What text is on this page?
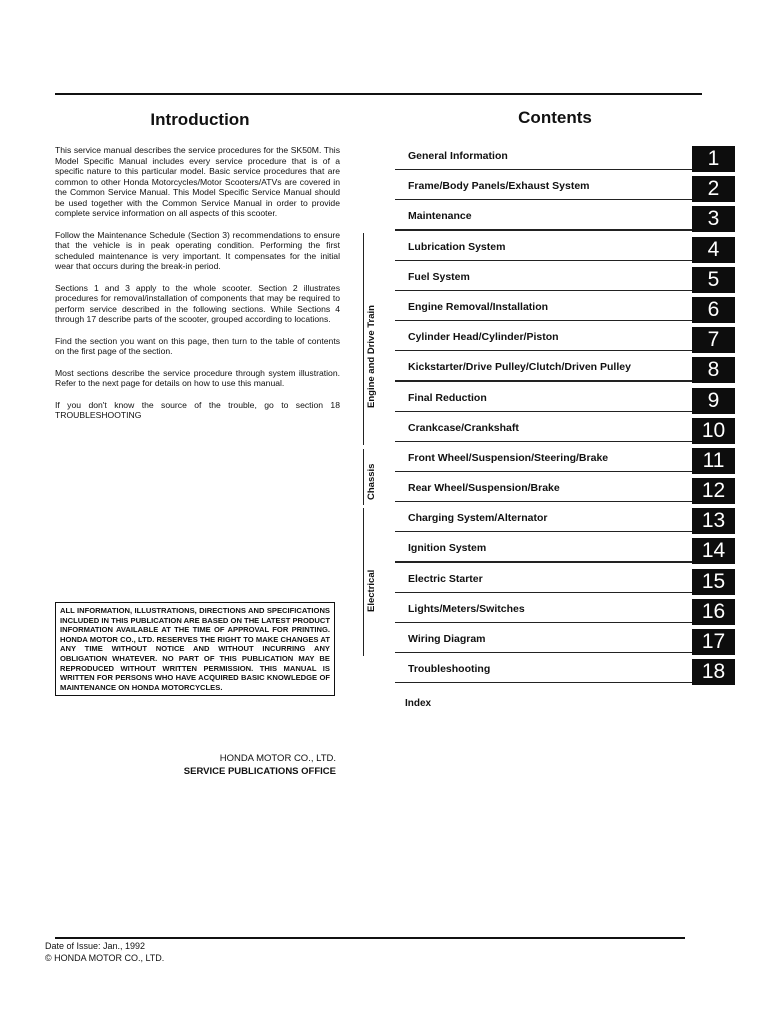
Introduction

This service manual describes the service procedures for the SK50M. This Model Specific Manual includes every service procedure that is of a specific nature to this particular model. Basic service procedures that are common to other Honda Motorcycles/Motor Scooters/ATVs are covered in the Common Service Manual. This Model Specific Service Manual should be used together with the Common Service Manual in order to provide complete service information on all aspects of this scooter.

Follow the Maintenance Schedule (Section 3) recommendations to ensure that the vehicle is in peak operating condition. Performing the first scheduled maintenance is very important. It compensates for the initial wear that occurs during the break-in period.

Sections 1 and 3 apply to the whole scooter. Section 2 illustrates procedures for removal/installation of components that may be required to perform service described in the following sections. While Sections 4 through 17 describe parts of the scooter, grouped according to locations.

Find the section you want on this page, then turn to the table of contents on the first page of the section.

Most sections describe the service procedure through system illustration. Refer to the next page for details on how to use this manual.

If you don't know the source of the trouble, go to section 18 TROUBLESHOOTING

ALL INFORMATION, ILLUSTRATIONS, DIRECTIONS AND SPECIFICATIONS INCLUDED IN THIS PUBLICATION ARE BASED ON THE LATEST PRODUCT INFORMATION AVAILABLE AT THE TIME OF APPROVAL FOR PRINTING. HONDA MOTOR CO., LTD. RESERVES THE RIGHT TO MAKE CHANGES AT ANY TIME WITHOUT NOTICE AND WITHOUT INCURRING ANY OBLIGATION WHATEVER. NO PART OF THIS PUBLICATION MAY BE REPRODUCED WITHOUT WRITTEN PERMISSION. THIS MANUAL IS WRITTEN FOR PERSONS WHO HAVE ACQUIRED BASIC KNOWLEDGE OF MAINTENANCE ON HONDA MOTORCYCLES.
HONDA MOTOR CO., LTD.
SERVICE PUBLICATIONS OFFICE
Contents
Engine and Drive Train
Chassis
Electrical
General Information	1
Frame/Body Panels/Exhaust System	2
Maintenance	3
Lubrication System	4
Fuel System	5
Engine Removal/Installation	6
Cylinder Head/Cylinder/Piston	7
Kickstarter/Drive Pulley/Clutch/Driven Pulley	8
Final Reduction	9
Crankcase/Crankshaft	10
Front Wheel/Suspension/Steering/Brake	11
Rear Wheel/Suspension/Brake	12
Charging System/Alternator	13
Ignition System	14
Electric Starter	15
Lights/Meters/Switches	16
Wiring Diagram	17
Troubleshooting	18
Index
Date of Issue: Jan., 1992
© HONDA MOTOR CO., LTD.
